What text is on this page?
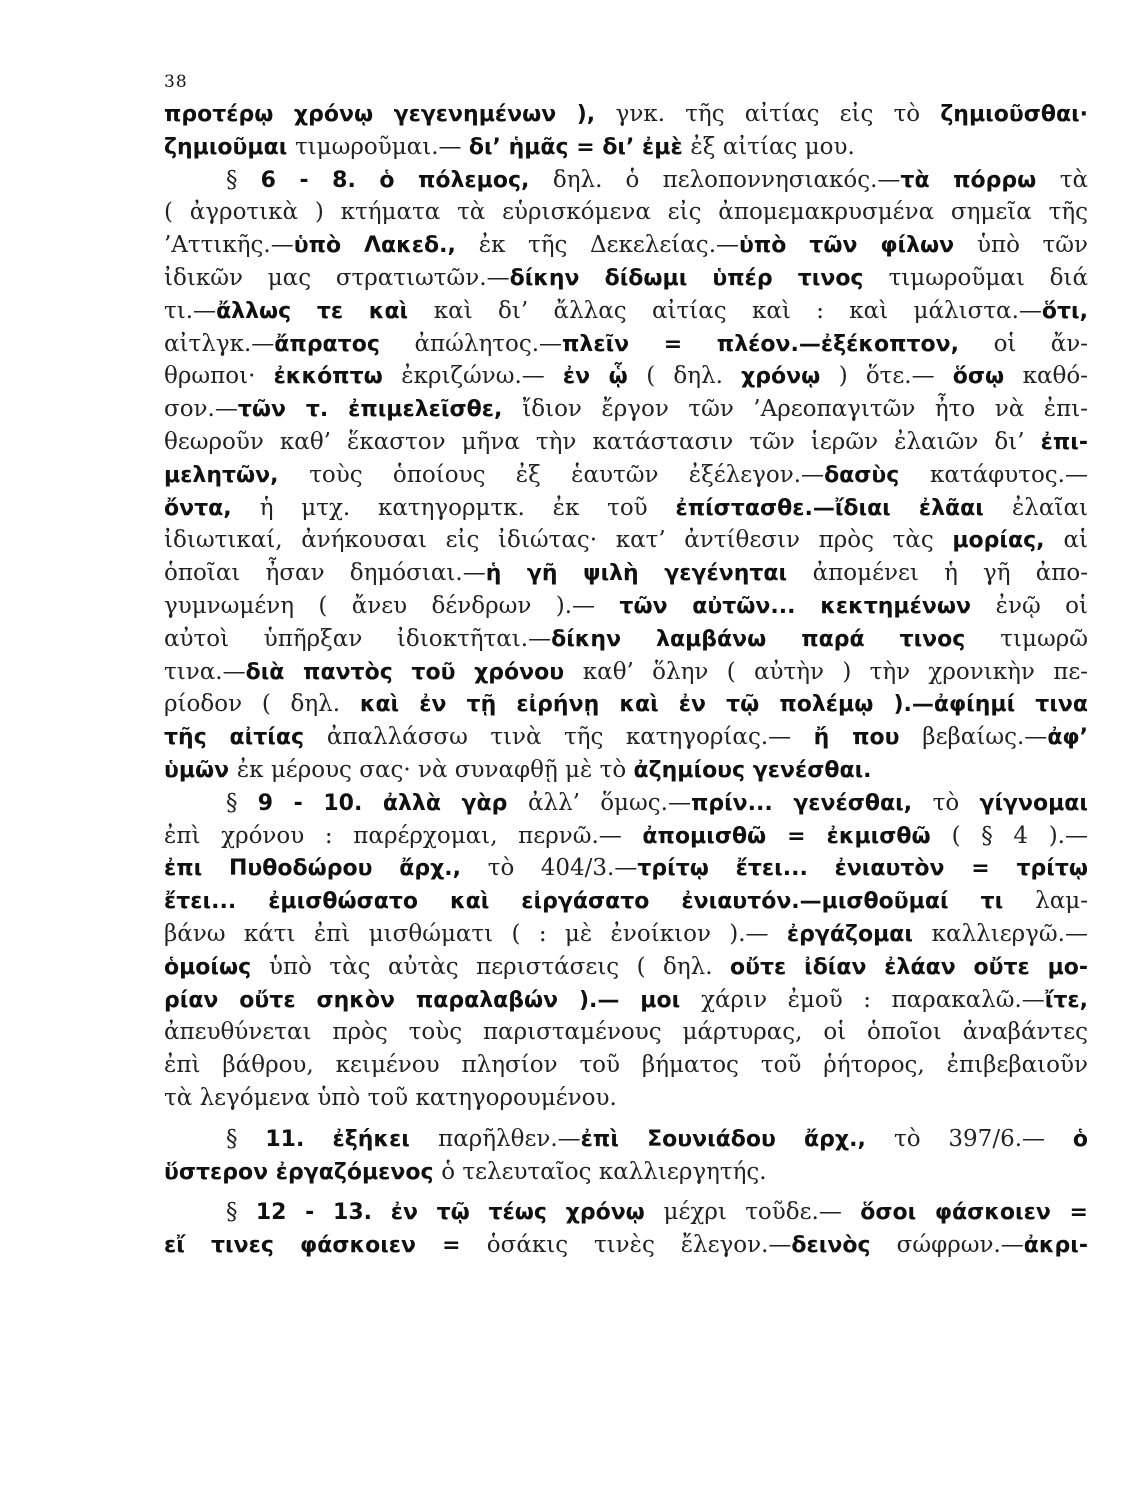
38
προτέρῳ χρόνῳ γεγενημένων ), γνκ. τῆς αἰτίας εἰς τὸ ζημιοῦσθαι·
ζημιοῦμαι τιμωροῦμαι.— δι’ ἡμᾶς = δι’ ἐμὲ ἐξ αἰτίας μου.
§ 6 - 8. ὁ πόλεμος, δηλ. ὁ πελοποννησιακός.—τὰ πόρρω τὰ
( ἀγροτικὰ ) κτήματα τὰ εὑρισκόμενα εἰς ἀπομεμακρυσμένα σημεῖα τῆς
’Αττικῆς.—ὑπὸ Λακεδ., ἐκ τῆς Δεκελείας.—ὑπὸ τῶν φίλων ὑπὸ τῶν
ἰδικῶν μας στρατιωτῶν.—δίκην δίδωμι ὑπέρ τινος τιμωροῦμαι διά
τι.—ἄλλως τε καὶ καὶ δι’ ἄλλας αἰτίας καὶ : καὶ μάλιστα.—ὅτι,
αἰτλγκ.—ἄπρατος ἀπώλητος.—πλεῖν = πλέον.—ἐξέκοπτον, οἱ ἄν-
θρωποι· ἐκκόπτω ἐκριζώνω.— ἐν ᾧ ( δηλ. χρόνῳ ) ὅτε.— ὅσῳ καθό-
σον.—τῶν τ. ἐπιμελεῖσθε, ἴδιον ἔργον τῶν ’Αρεοπαγιτῶν ἦτο νὰ ἐπι-
θεωροῦν καθ’ ἕκαστον μῆνα τὴν κατάστασιν τῶν ἱερῶν ἐλαιῶν δι’ ἐπι-
μελητῶν, τοὺς ὁποίους ἐξ ἑαυτῶν ἐξέλεγον.—δασὺς κατάφυτος.—
ὄντα, ἡ μτχ. κατηγορμτκ. ἐκ τοῦ ἐπίστασθε.—ἴδιαι ἐλᾶαι ἐλαῖαι
ἰδιωτικαί, ἀνήκουσαι εἰς ἰδιώτας· κατ’ ἀντίθεσιν πρὸς τὰς μορίας, αἱ
ὁποῖαι ἦσαν δημόσιαι.—ἡ γῆ ψιλὴ γεγένηται ἀπομένει ἡ γῆ ἀπο-
γυμνωμένη ( ἄνευ δένδρων ).— τῶν αὐτῶν... κεκτημένων ἐνῷ οἱ
αὐτοὶ ὑπῆρξαν ἰδιοκτῆται.—δίκην λαμβάνω παρά τινος τιμωρῶ
τινα.—διὰ παντὸς τοῦ χρόνου καθ’ ὅλην ( αὐτὴν ) τὴν χρονικὴν πε-
ρίοδον ( δηλ. καὶ ἐν τῇ εἰρήνῃ καὶ ἐν τῷ πολέμῳ ).—ἀφίημί τινα
τῆς αἰτίας ἀπαλλάσσω τινὰ τῆς κατηγορίας.— ἤ που βεβαίως.—ἀφ’
ὑμῶν ἐκ μέρους σας· νὰ συναφθῇ μὲ τὸ ἀζημίους γενέσθαι.
§ 9 - 10. ἀλλὰ γὰρ ἀλλ’ ὅμως.—πρίν... γενέσθαι, τὸ γίγνομαι
ἐπὶ χρόνου : παρέρχομαι, περνῶ.— ἀπομισθῶ = ἐκμισθῶ ( § 4 ).—
ἐπι Πυθοδώρου ἄρχ., τὸ 404/3.—τρίτῳ ἔτει... ἐνιαυτὸν = τρίτῳ
ἔτει... ἐμισθώσατο καὶ εἰργάσατο ἐνιαυτόν.—μισθοῦμαί τι λαμ-
βάνω κάτι ἐπὶ μισθώματι ( : μὲ ἐνοίκιον ).— ἐργάζομαι καλλιεργῶ.—
ὁμοίως ὑπὸ τὰς αὐτὰς περιστάσεις ( δηλ. οὔτε ἰδίαν ἐλάαν οὔτε μο-
ρίαν οὔτε σηκὸν παραλαβών ).— μοι χάριν ἐμοῦ : παρακαλῶ.—ἴτε,
ἀπευθύνεται πρὸς τοὺς παρισταμένους μάρτυρας, οἱ ὁποῖοι ἀναβάντες
ἐπὶ βάθρου, κειμένου πλησίον τοῦ βήματος τοῦ ῥήτορος, ἐπιβεβαιοῦν
τὰ λεγόμενα ὑπὸ τοῦ κατηγορουμένου.
§ 11. ἐξήκει παρῆλθεν.—ἐπὶ Σουνιάδου ἄρχ., τὸ 397/6.— ὁ
ὕστερον ἐργαζόμενος ὁ τελευταῖος καλλιεργητής.
§ 12 - 13. ἐν τῷ τέως χρόνῳ μέχρι τοῦδε.— ὅσοι φάσκοιεν =
εἴ τινες φάσκοιεν = ὁσάκις τινὲς ἔλεγον.—δεινὸς σώφρων.—ἀκρι-
